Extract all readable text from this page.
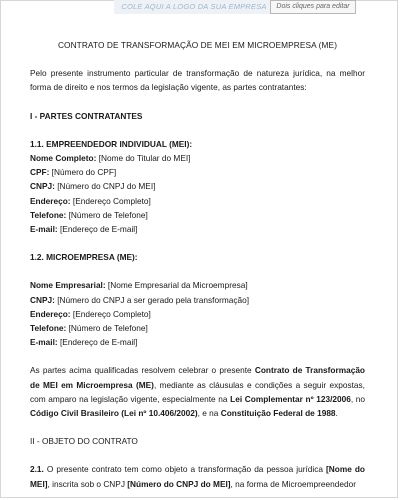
COLE AQUI A LOGO DA SUA EMPRESA	Dois cliques para editar
CONTRATO DE TRANSFORMAÇÃO DE MEI EM MICROEMPRESA (ME)

Pelo presente instrumento particular de transformação de natureza jurídica, na melhor forma de direito e nos termos da legislação vigente, as partes contratantes:

I - PARTES CONTRATANTES

1.1. EMPREENDEDOR INDIVIDUAL (MEI):

Nome Completo: [Nome do Titular do MEI]

CPF: [Número do CPF]

CNPJ: [Número do CNPJ do MEI]

Endereço: [Endereço Completo]

Telefone: [Número de Telefone]

E-mail: [Endereço de E-mail]

1.2. MICROEMPRESA (ME):

Nome Empresarial: [Nome Empresarial da Microempresa]

CNPJ: [Número do CNPJ a ser gerado pela transformação]

Endereço: [Endereço Completo]

Telefone: [Número de Telefone]

E-mail: [Endereço de E-mail]

As partes acima qualificadas resolvem celebrar o presente Contrato de Transformação de MEI em Microempresa (ME), mediante as cláusulas e condições a seguir expostas, com amparo na legislação vigente, especialmente na Lei Complementar nº 123/2006, no Código Civil Brasileiro (Lei nº 10.406/2002), e na Constituição Federal de 1988.

II - OBJETO DO CONTRATO

2.1. O presente contrato tem como objeto a transformação da pessoa jurídica [Nome do MEI], inscrita sob o CNPJ [Número do CNPJ do MEI], na forma de Microempreendedor
